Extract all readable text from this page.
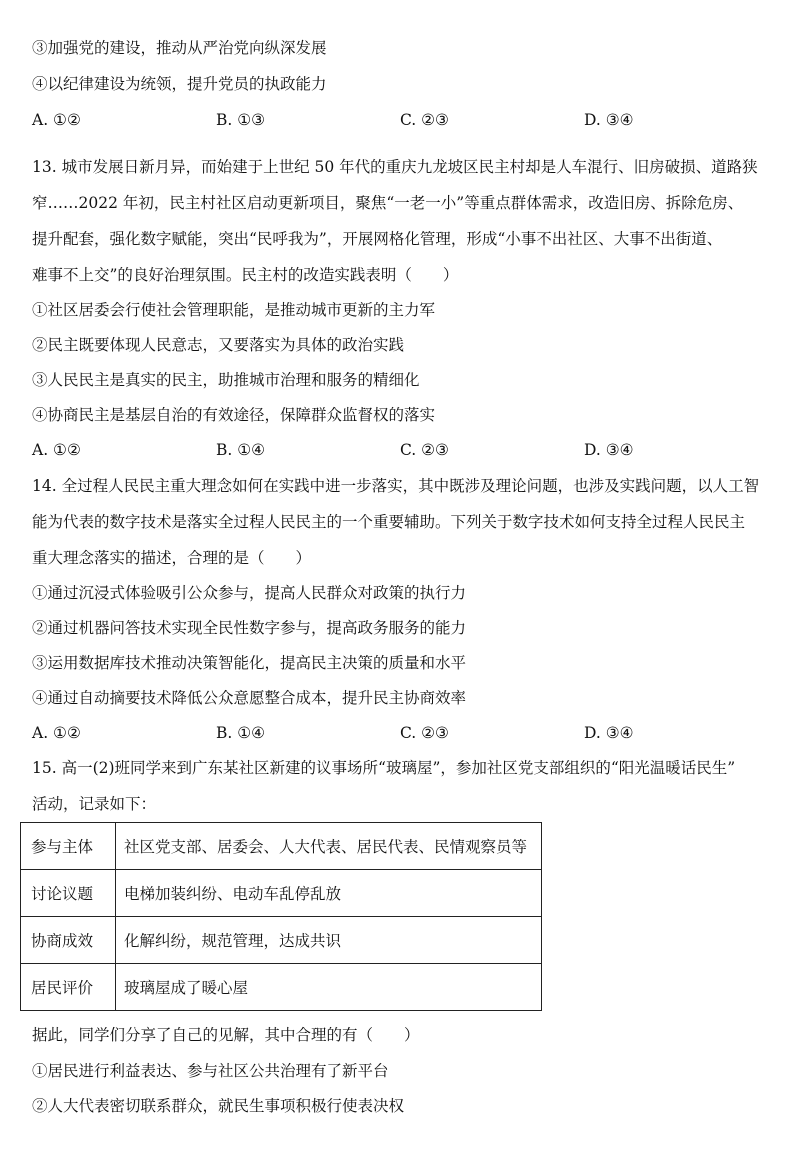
③加强党的建设，推动从严治党向纵深发展
④以纪律建设为统领，提升党员的执政能力
A. ①②	B. ①③	C. ②③	D. ③④
13. 城市发展日新月异，而始建于上世纪 50 年代的重庆九龙坡区民主村却是人车混行、旧房破损、道路狭
窄……2022 年初，民主村社区启动更新项目，聚焦“一老一小”等重点群体需求，改造旧房、拆除危房、
提升配套，强化数字赋能，突出“民呼我为”，开展网格化管理，形成“小事不出社区、大事不出街道、
难事不上交”的良好治理氛围。民主村的改造实践表明（　　）
①社区居委会行使社会管理职能，是推动城市更新的主力军
②民主既要体现人民意志，又要落实为具体的政治实践
③人民民主是真实的民主，助推城市治理和服务的精细化
④协商民主是基层自治的有效途径，保障群众监督权的落实
A. ①②	B. ①④	C. ②③	D. ③④
14. 全过程人民民主重大理念如何在实践中进一步落实，其中既涉及理论问题，也涉及实践问题，以人工智
能为代表的数字技术是落实全过程人民民主的一个重要辅助。下列关于数字技术如何支持全过程人民民主
重大理念落实的描述，合理的是（　　）
①通过沉浸式体验吸引公众参与，提高人民群众对政策的执行力
②通过机器问答技术实现全民性数字参与，提高政务服务的能力
③运用数据库技术推动决策智能化，提高民主决策的质量和水平
④通过自动摘要技术降低公众意愿整合成本，提升民主协商效率
A. ①②	B. ①④	C. ②③	D. ③④
15. 高一(2)班同学来到广东某社区新建的议事场所“玻璃屋”，参加社区党支部组织的“阳光温暖话民生”
活动，记录如下：
参与主体	社区党支部、居委会、人大代表、居民代表、民情观察员等
讨论议题	电梯加装纠纷、电动车乱停乱放
协商成效	化解纠纷，规范管理，达成共识
居民评价	玻璃屋成了暖心屋
据此，同学们分享了自己的见解，其中合理的有（　　）
①居民进行利益表达、参与社区公共治理有了新平台
②人大代表密切联系群众，就民生事项积极行使表决权
